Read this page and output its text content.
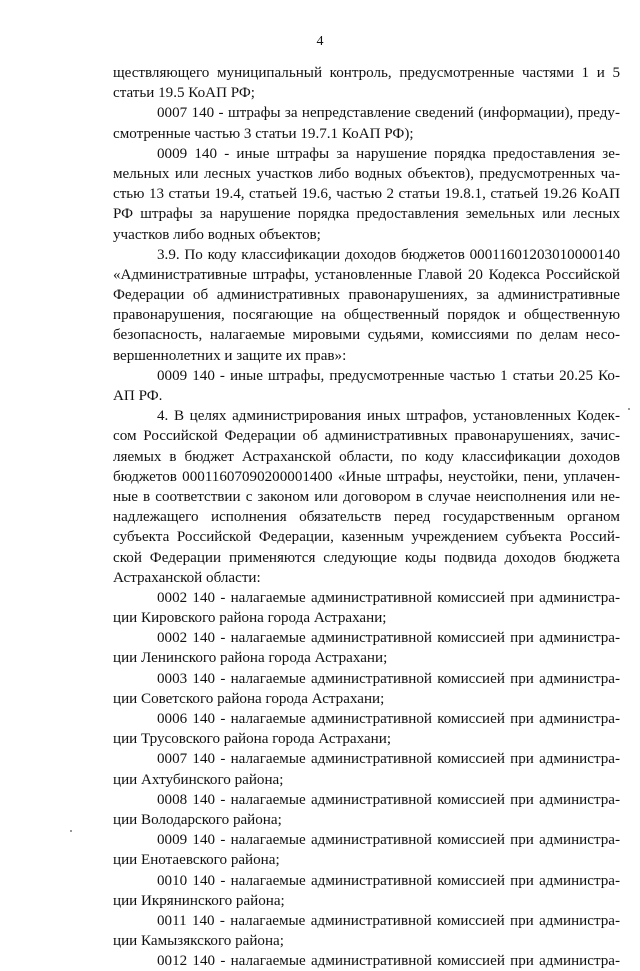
4
ществляющего муниципальный контроль, предусмотренные частями 1 и 5
статьи 19.5 КоАП РФ;
0007 140 - штрафы за непредставление сведений (информации), преду-
смотренные частью 3 статьи 19.7.1 КоАП РФ);
0009 140 - иные штрафы за нарушение порядка предоставления зе-
мельных или лесных участков либо водных объектов), предусмотренных ча-
стью 13 статьи 19.4, статьей 19.6, частью 2 статьи 19.8.1, статьей 19.26 КоАП
РФ штрафы за нарушение порядка предоставления земельных или лесных
участков либо водных объектов;
3.9. По коду классификации доходов бюджетов 00011601203010000140
«Административные штрафы, установленные Главой 20 Кодекса Российской
Федерации об административных правонарушениях, за административные
правонарушения, посягающие на общественный порядок и общественную
безопасность, налагаемые мировыми судьями, комиссиями по делам несо-
вершеннолетних и защите их прав»:
0009 140 - иные штрафы, предусмотренные частью 1 статьи 20.25 Ко-
АП РФ.
4. В целях администрирования иных штрафов, установленных Кодек-
сом Российской Федерации об административных правонарушениях, зачис-
ляемых в бюджет Астраханской области, по коду классификации доходов
бюджетов 00011607090200001400 «Иные штрафы, неустойки, пени, уплачен-
ные в соответствии с законом или договором в случае неисполнения или не-
надлежащего исполнения обязательств перед государственным органом
субъекта Российской Федерации, казенным учреждением субъекта Россий-
ской Федерации применяются следующие коды подвида доходов бюджета
Астраханской области:
0002 140 - налагаемые административной комиссией при администра-
ции Кировского района города Астрахани;
0002 140 - налагаемые административной комиссией при администра-
ции Ленинского района города Астрахани;
0003 140 - налагаемые административной комиссией при администра-
ции Советского района города Астрахани;
0006 140 - налагаемые административной комиссией при администра-
ции Трусовского района города Астрахани;
0007 140 - налагаемые административной комиссией при администра-
ции Ахтубинского района;
0008 140 - налагаемые административной комиссией при администра-
ции Володарского района;
0009 140 - налагаемые административной комиссией при администра-
ции Енотаевского района;
0010 140 - налагаемые административной комиссией при администра-
ции Икрянинского района;
0011 140 - налагаемые административной комиссией при администра-
ции Камызякского района;
0012 140 - налагаемые административной комиссией при администра-
